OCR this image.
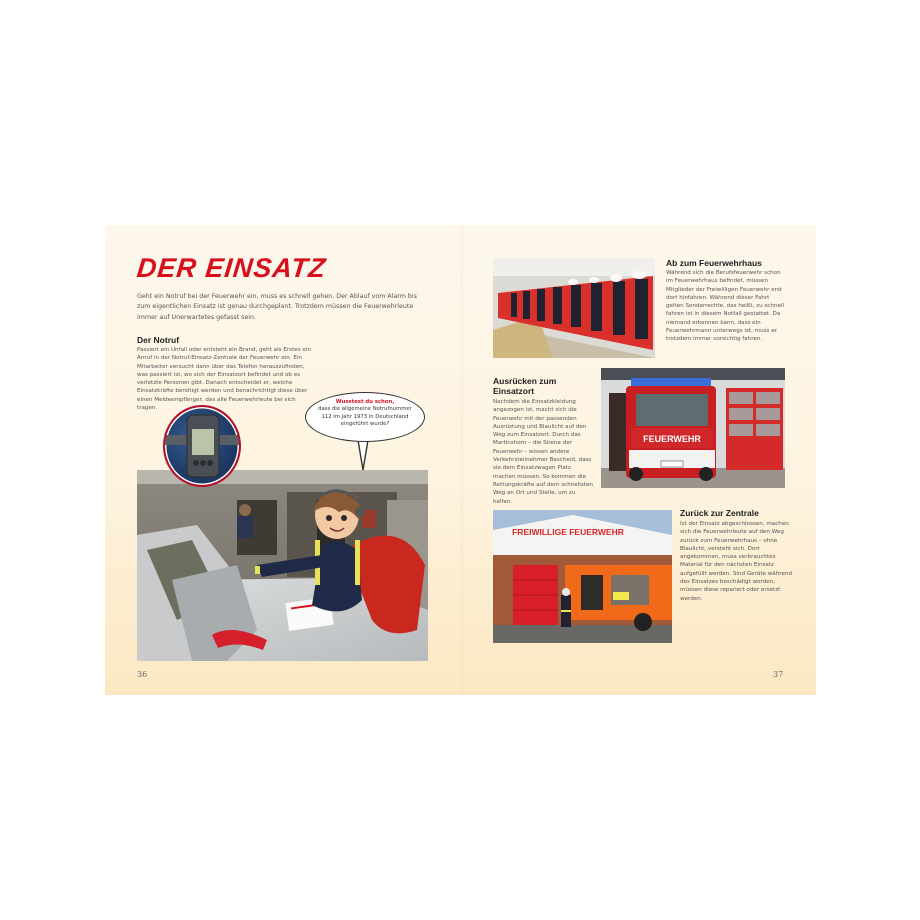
DER EINSATZ
Geht ein Notruf bei der Feuerwehr ein, muss es schnell gehen. Der Ablauf vom Alarm bis zum eigentlichen Einsatz ist genau durchgeplant. Trotzdem müssen die Feuerwehrleute immer auf Unerwartetes gefasst sein.
Der Notruf
Passiert ein Unfall oder entsteht ein Brand, geht als Erstes ein Anruf in der Notruf-Einsatz-Zentrale der Feuerwehr ein. Ein Mitarbeiter versucht dann über das Telefon herauszufinden, was passiert ist, wo sich der Einsatzort befindet und ob es verletzte Personen gibt. Danach entscheidet er, welche Einsatzkräfte benötigt werden und benachrichtigt diese über einen Meldeempfänger, das alle Feuerwehrleute bei sich tragen.
Wusstest du schon,
dass die allgemeine Notrufnummer 112 im Jahr 1973 in Deutschland eingeführt wurde?
36
Ab zum Feuerwehrhaus
Während sich die Berufsfeuerwehr schon im Feuerwehrhaus befindet, müssen Mitglieder der Freiwilligen Feuerwehr erst dort hinfahren. Während dieser Fahrt gelten Sonderrechte, das heißt, zu schnell fahren ist in diesem Notfall gestattet. Da niemand erkennen kann, dass ein Feuerwehrmann unterwegs ist, muss er trotzdem immer vorsichtig fahren.
Ausrücken zum Einsatzort
Nachdem die Einsatzkleidung angezogen ist, macht sich die Feuerwehr mit der passenden Ausrüstung und Blaulicht auf den Weg zum Einsatzort. Durch das Martinshorn – die Sirene der Feuerwehr – wissen andere Verkehrsteilnehmer Bescheid, dass sie dem Einsatzwagen Platz machen müssen. So kommen die Rettungskräfte auf dem schnellsten Weg an Ort und Stelle, um zu helfen.
FEUERWEHR
FREIWILLIGE FEUERWEHR
Zurück zur Zentrale
Ist der Einsatz abgeschlossen, machen sich die Feuerwehrleute auf den Weg zurück zum Feuerwehrhaus – ohne Blaulicht, versteht sich. Dort angekommen, muss verbrauchtes Material für den nächsten Einsatz aufgefüllt werden. Sind Geräte während des Einsatzes beschädigt worden, müssen diese repariert oder ersetzt werden.
37
